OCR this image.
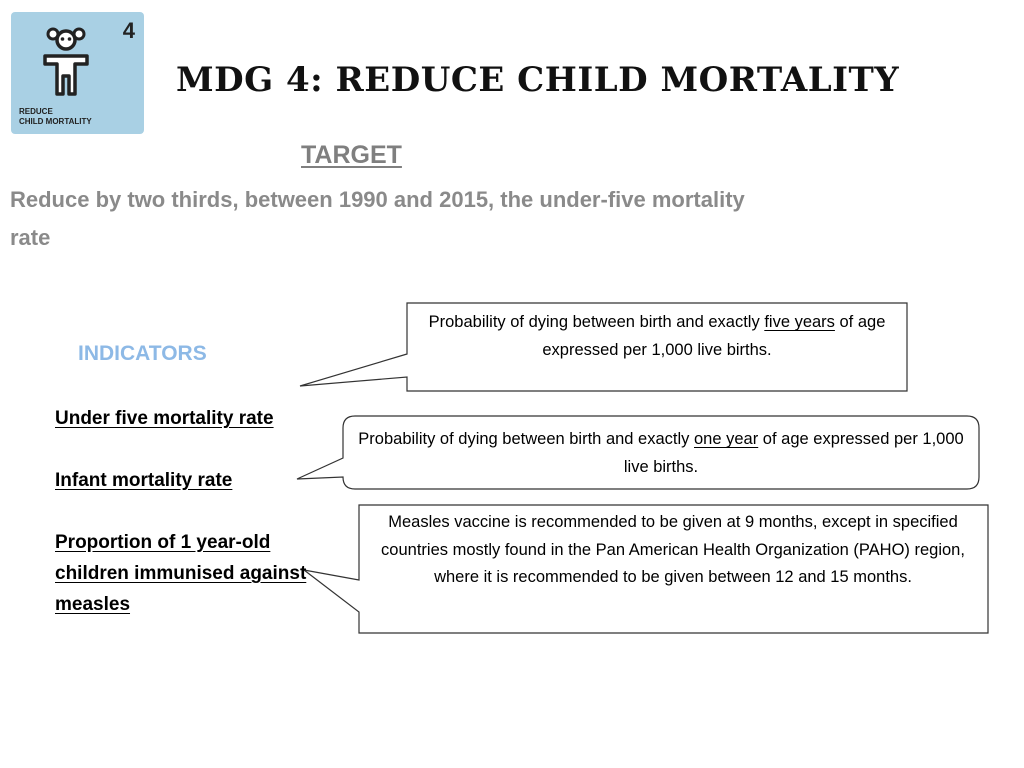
4
REDUCE
CHILD MORTALITY
MDG 4: REDUCE CHILD MORTALITY
TARGET
Reduce by two thirds, between 1990 and 2015, the under-five mortality rate
INDICATORS
Under five mortality rate
Infant mortality rate
Proportion of 1 year-old children immunised against measles
Probability of dying between birth and exactly five years of age expressed per 1,000 live births.
Probability of dying between birth and exactly one year of age expressed per 1,000 live births.
Measles vaccine is recommended to be given at 9 months, except in specified countries mostly found in the Pan American Health Organization (PAHO) region, where it is recommended to be given between 12 and 15 months.
